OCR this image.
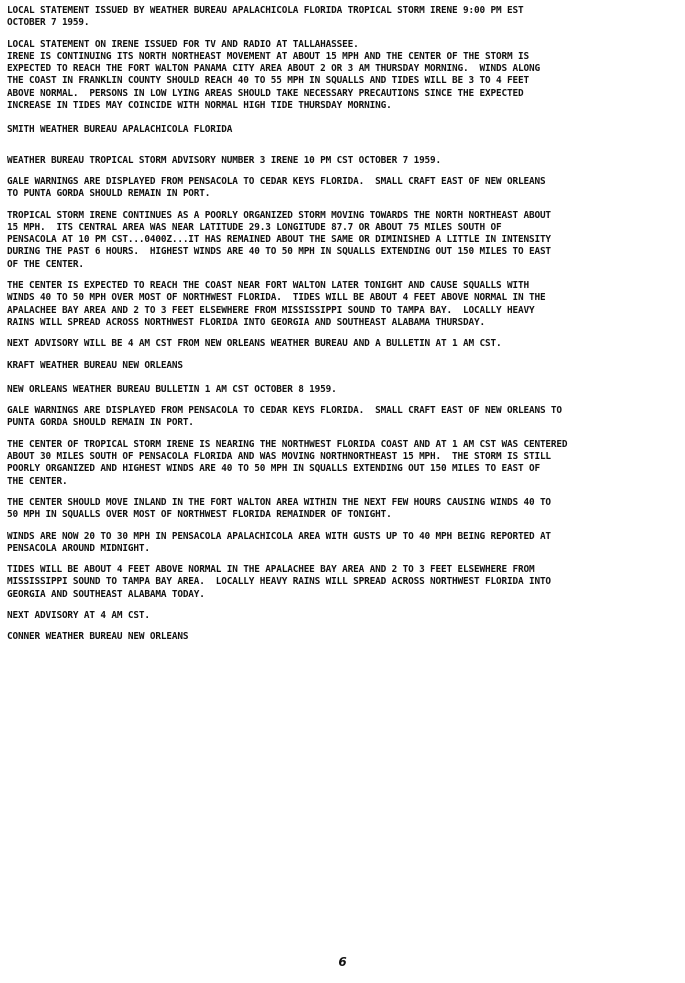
LOCAL STATEMENT ISSUED BY WEATHER BUREAU APALACHICOLA FLORIDA TROPICAL STORM IRENE 9:00 PM EST
OCTOBER 7 1959.

LOCAL STATEMENT ON IRENE ISSUED FOR TV AND RADIO AT TALLAHASSEE.
IRENE IS CONTINUING ITS NORTH NORTHEAST MOVEMENT AT ABOUT 15 MPH AND THE CENTER OF THE STORM IS
EXPECTED TO REACH THE FORT WALTON PANAMA CITY AREA ABOUT 2 OR 3 AM THURSDAY MORNING.  WINDS ALONG
THE COAST IN FRANKLIN COUNTY SHOULD REACH 40 TO 55 MPH IN SQUALLS AND TIDES WILL BE 3 TO 4 FEET
ABOVE NORMAL.  PERSONS IN LOW LYING AREAS SHOULD TAKE NECESSARY PRECAUTIONS SINCE THE EXPECTED
INCREASE IN TIDES MAY COINCIDE WITH NORMAL HIGH TIDE THURSDAY MORNING.

SMITH WEATHER BUREAU APALACHICOLA FLORIDA

WEATHER BUREAU TROPICAL STORM ADVISORY NUMBER 3 IRENE 10 PM CST OCTOBER 7 1959.

GALE WARNINGS ARE DISPLAYED FROM PENSACOLA TO CEDAR KEYS FLORIDA.  SMALL CRAFT EAST OF NEW ORLEANS
TO PUNTA GORDA SHOULD REMAIN IN PORT.

TROPICAL STORM IRENE CONTINUES AS A POORLY ORGANIZED STORM MOVING TOWARDS THE NORTH NORTHEAST ABOUT
15 MPH.  ITS CENTRAL AREA WAS NEAR LATITUDE 29.3 LONGITUDE 87.7 OR ABOUT 75 MILES SOUTH OF
PENSACOLA AT 10 PM CST...0400Z...IT HAS REMAINED ABOUT THE SAME OR DIMINISHED A LITTLE IN INTENSITY
DURING THE PAST 6 HOURS.  HIGHEST WINDS ARE 40 TO 50 MPH IN SQUALLS EXTENDING OUT 150 MILES TO EAST
OF THE CENTER.

THE CENTER IS EXPECTED TO REACH THE COAST NEAR FORT WALTON LATER TONIGHT AND CAUSE SQUALLS WITH
WINDS 40 TO 50 MPH OVER MOST OF NORTHWEST FLORIDA.  TIDES WILL BE ABOUT 4 FEET ABOVE NORMAL IN THE
APALACHEE BAY AREA AND 2 TO 3 FEET ELSEWHERE FROM MISSISSIPPI SOUND TO TAMPA BAY.  LOCALLY HEAVY
RAINS WILL SPREAD ACROSS NORTHWEST FLORIDA INTO GEORGIA AND SOUTHEAST ALABAMA THURSDAY.

NEXT ADVISORY WILL BE 4 AM CST FROM NEW ORLEANS WEATHER BUREAU AND A BULLETIN AT 1 AM CST.

KRAFT WEATHER BUREAU NEW ORLEANS

NEW ORLEANS WEATHER BUREAU BULLETIN 1 AM CST OCTOBER 8 1959.

GALE WARNINGS ARE DISPLAYED FROM PENSACOLA TO CEDAR KEYS FLORIDA.  SMALL CRAFT EAST OF NEW ORLEANS TO
PUNTA GORDA SHOULD REMAIN IN PORT.

THE CENTER OF TROPICAL STORM IRENE IS NEARING THE NORTHWEST FLORIDA COAST AND AT 1 AM CST WAS CENTERED
ABOUT 30 MILES SOUTH OF PENSACOLA FLORIDA AND WAS MOVING NORTHNORTHEAST 15 MPH.  THE STORM IS STILL
POORLY ORGANIZED AND HIGHEST WINDS ARE 40 TO 50 MPH IN SQUALLS EXTENDING OUT 150 MILES TO EAST OF
THE CENTER.

THE CENTER SHOULD MOVE INLAND IN THE FORT WALTON AREA WITHIN THE NEXT FEW HOURS CAUSING WINDS 40 TO
50 MPH IN SQUALLS OVER MOST OF NORTHWEST FLORIDA REMAINDER OF TONIGHT.

WINDS ARE NOW 20 TO 30 MPH IN PENSACOLA APALACHICOLA AREA WITH GUSTS UP TO 40 MPH BEING REPORTED AT
PENSACOLA AROUND MIDNIGHT.

TIDES WILL BE ABOUT 4 FEET ABOVE NORMAL IN THE APALACHEE BAY AREA AND 2 TO 3 FEET ELSEWHERE FROM
MISSISSIPPI SOUND TO TAMPA BAY AREA.  LOCALLY HEAVY RAINS WILL SPREAD ACROSS NORTHWEST FLORIDA INTO
GEORGIA AND SOUTHEAST ALABAMA TODAY.

NEXT ADVISORY AT 4 AM CST.

CONNER WEATHER BUREAU NEW ORLEANS

6
